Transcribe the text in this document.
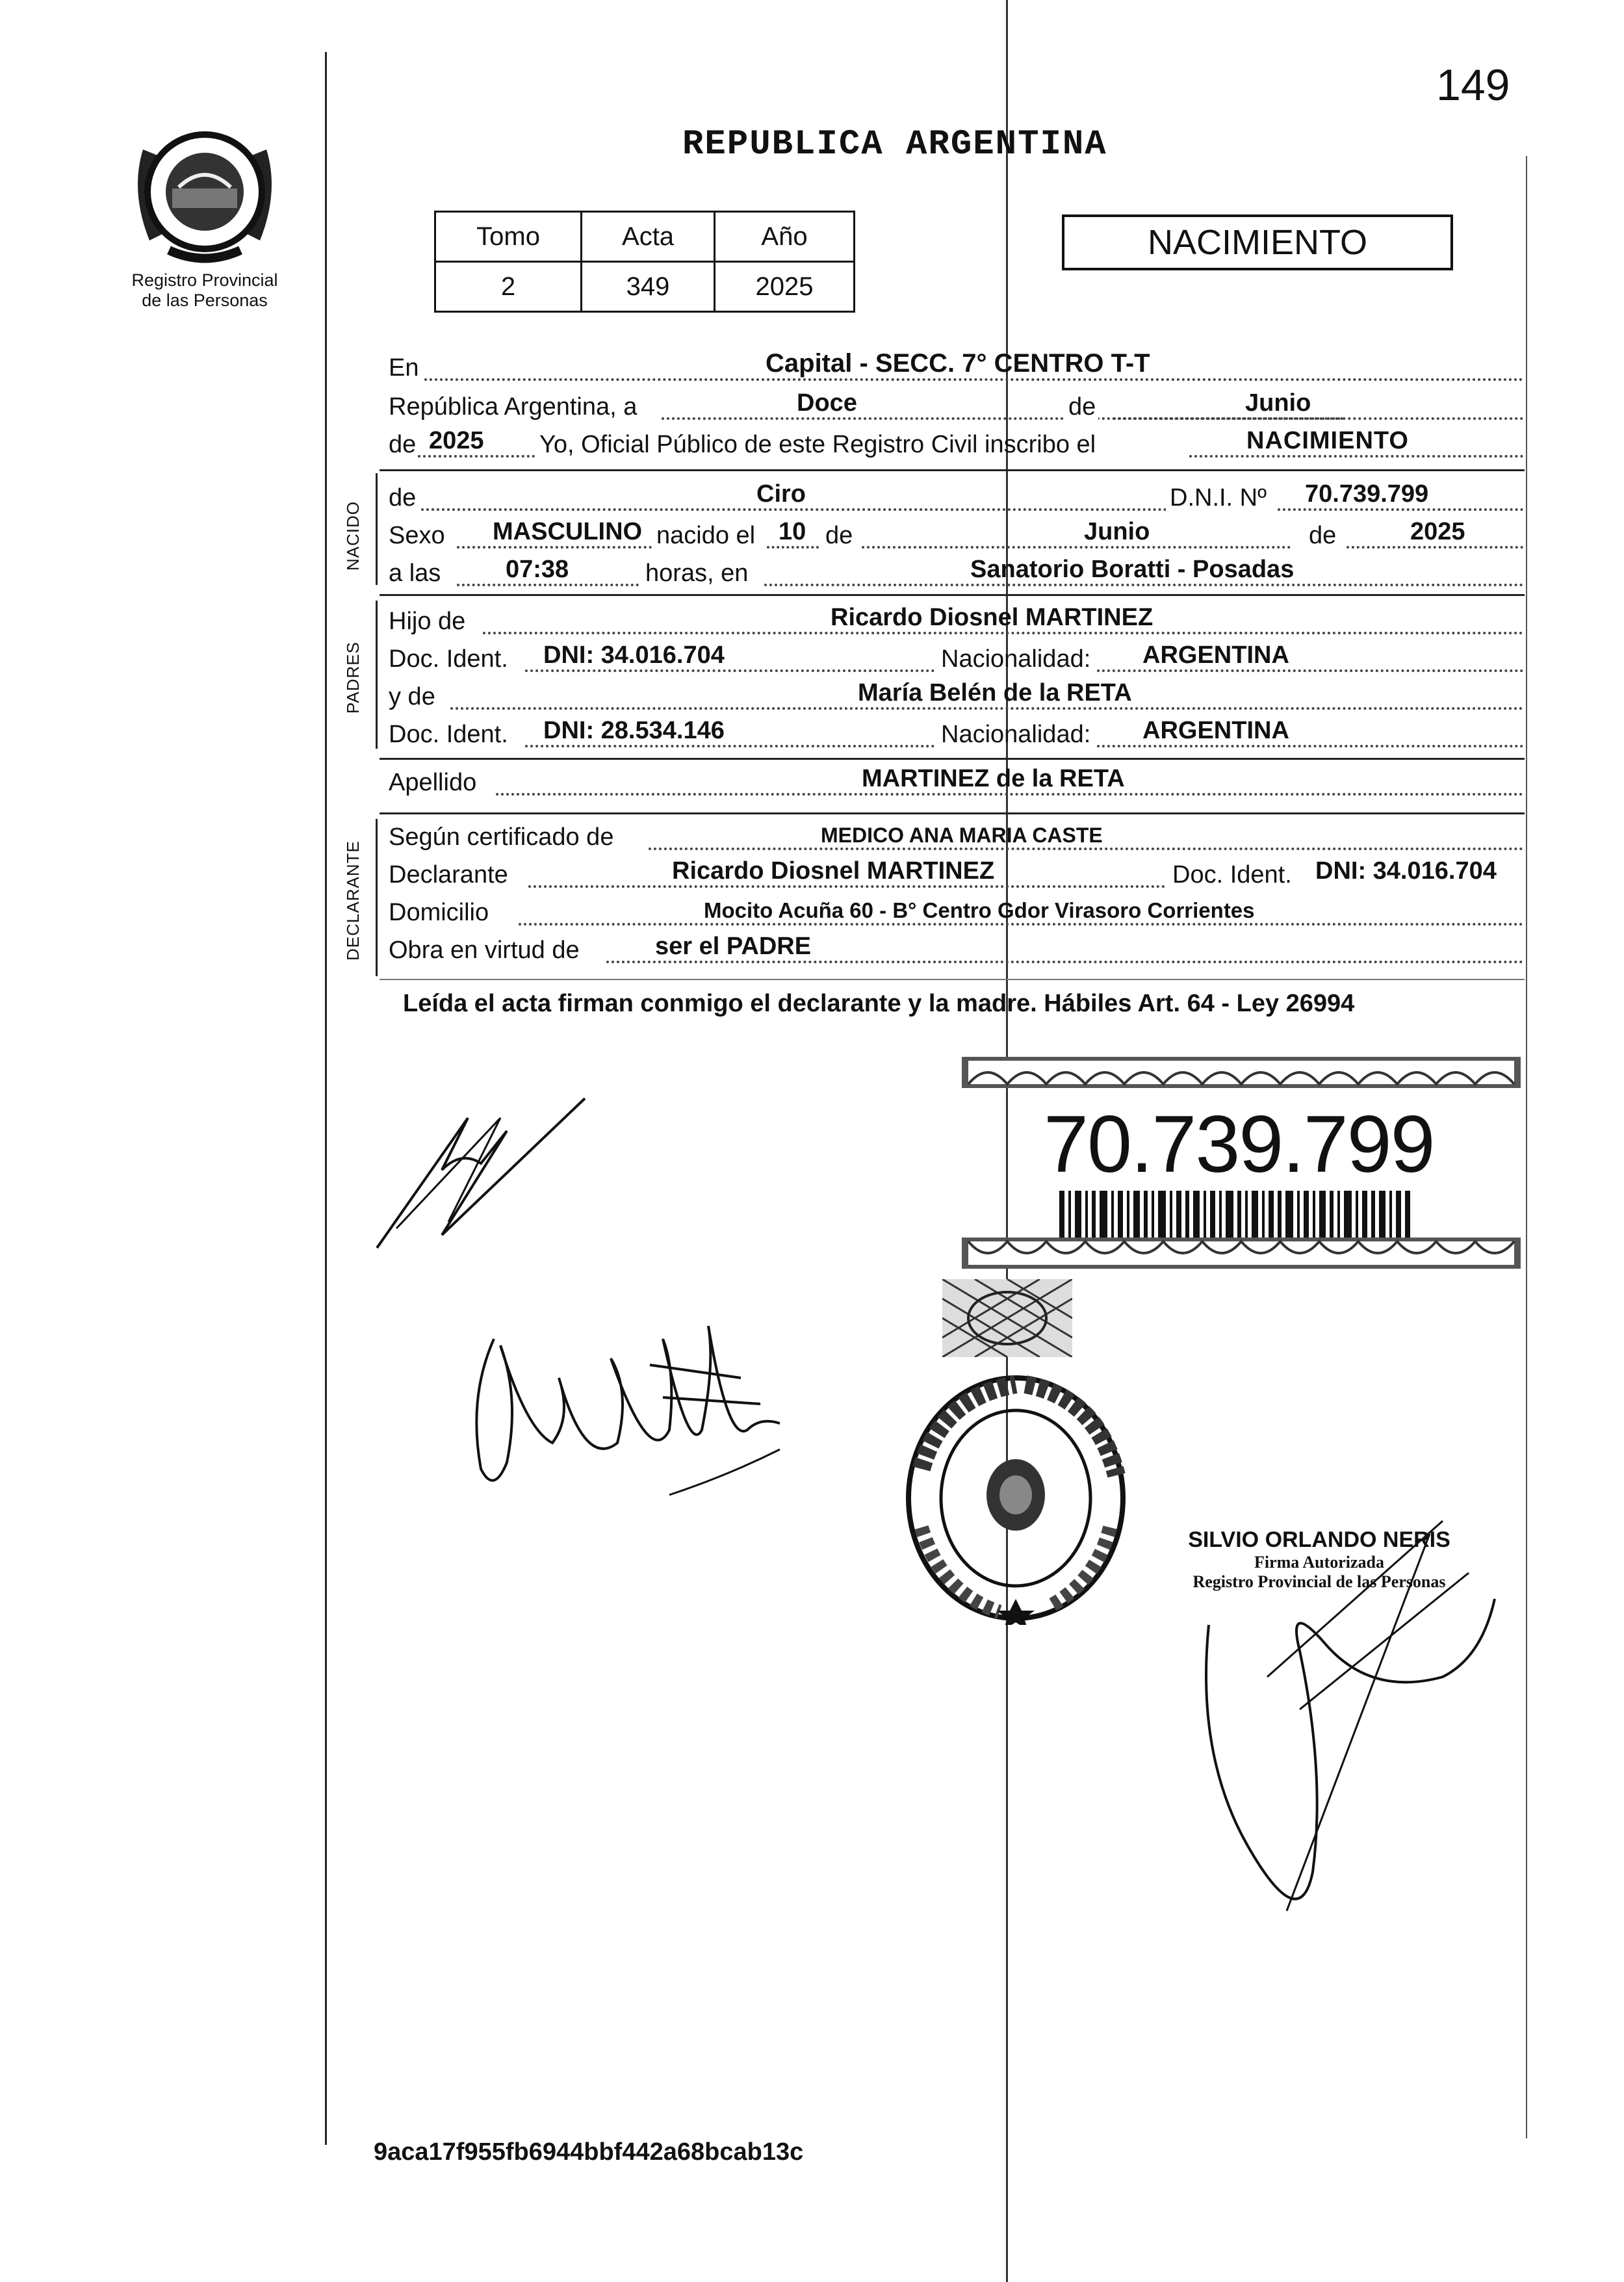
149
Registro Provincial
de las Personas
REPUBLICA ARGENTINA
Tomo	Acta	Año
2	349	2025
NACIMIENTO
En	Capital - SECC. 7° CENTRO T-T
República Argentina, a	Doce	de	Junio
de 2025 Yo, Oficial Público de este Registro Civil inscribo el	NACIMIENTO
NACIDO
de	Ciro	D.N.I. Nº 70.739.799
Sexo MASCULINO nacido el 10 de	Junio	de	2025
a las	07:38	horas, en	Sanatorio Boratti - Posadas
PADRES
Hijo de	Ricardo Diosnel MARTINEZ
Doc. Ident. DNI: 34.016.704	Nacionalidad: ARGENTINA
y de	María Belén de la RETA
Doc. Ident. DNI: 28.534.146	Nacionalidad: ARGENTINA
Apellido	MARTINEZ de la RETA
DECLARANTE
Según certificado de	MEDICO ANA MARIA CASTE
Declarante	Ricardo Diosnel MARTINEZ	Doc. Ident. DNI: 34.016.704
Domicilio	Mocito Acuña 60 - B° Centro Gdor Virasoro Corrientes
Obra en virtud de	ser el PADRE
Leída el acta firman conmigo el declarante y la madre. Hábiles Art. 64 - Ley 26994
70.739.799
SILVIO ORLANDO NERIS
Firma Autorizada
Registro Provincial de las Personas
9aca17f955fb6944bbf442a68bcab13c
